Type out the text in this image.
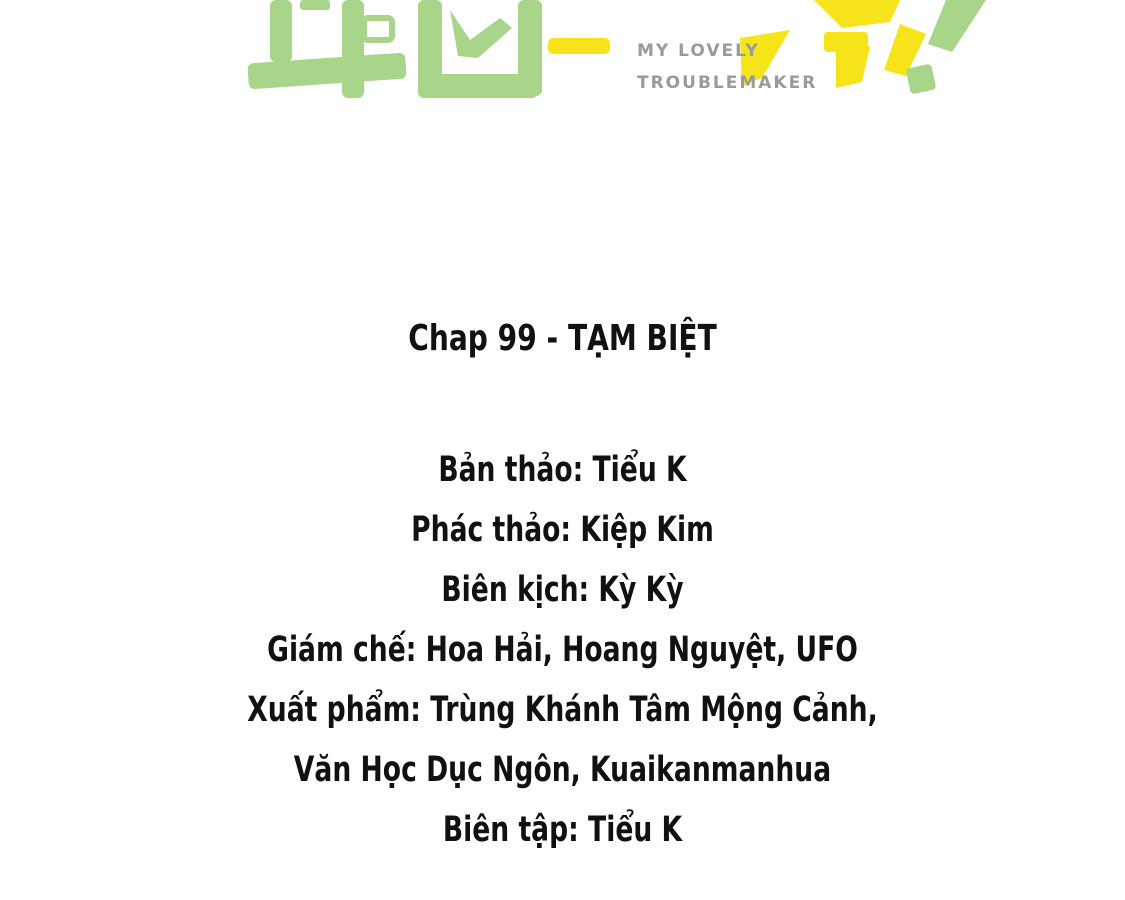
MY LOVELY
TROUBLEMAKER
Chap 99 - TẠM BIỆT
Bản thảo: Tiểu K
Phác thảo: Kiệp Kim
Biên kịch: Kỳ Kỳ
Giám chế: Hoa Hải, Hoang Nguyệt, UFO
Xuất phẩm: Trùng Khánh Tâm Mộng Cảnh,
Văn Học Dục Ngôn, Kuaikanmanhua
Biên tập: Tiểu K
